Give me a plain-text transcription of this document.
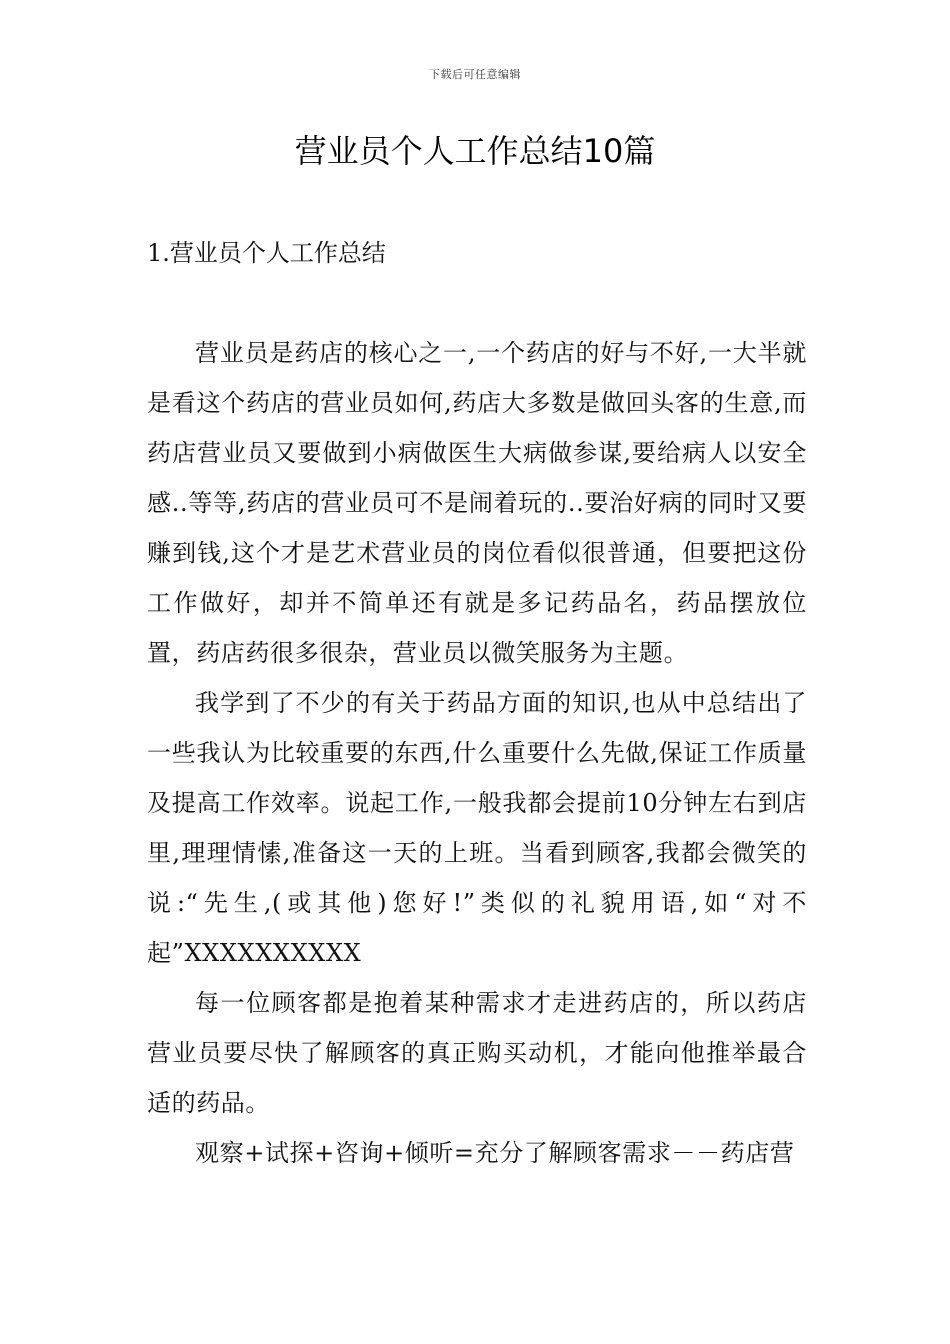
下载后可任意编辑
营业员个人工作总结10篇
1.营业员个人工作总结

营业员是药店的核心之一,一个药店的好与不好,一大半就是看这个药店的营业员如何,药店大多数是做回头客的生意,而药店营业员又要做到小病做医生大病做参谋,要给病人以安全感..等等,药店的营业员可不是闹着玩的..要治好病的同时又要赚到钱,这个才是艺术营业员的岗位看似很普通，但要把这份工作做好，却并不简单还有就是多记药品名，药品摆放位置，药店药很多很杂，营业员以微笑服务为主题。

我学到了不少的有关于药品方面的知识,也从中总结出了一些我认为比较重要的东西,什么重要什么先做,保证工作质量及提高工作效率。说起工作,一般我都会提前10分钟左右到店里,理理情愫,准备这一天的上班。当看到顾客,我都会微笑的说:“先生,(或其他)您好!”类似的礼貌用语,如“对不起”XXXXXXXXXX

每一位顾客都是抱着某种需求才走进药店的，所以药店营业员要尽快了解顾客的真正购买动机，才能向他推举最合适的药品。

观察+试探+咨询+倾听=充分了解顾客需求－－药店营
